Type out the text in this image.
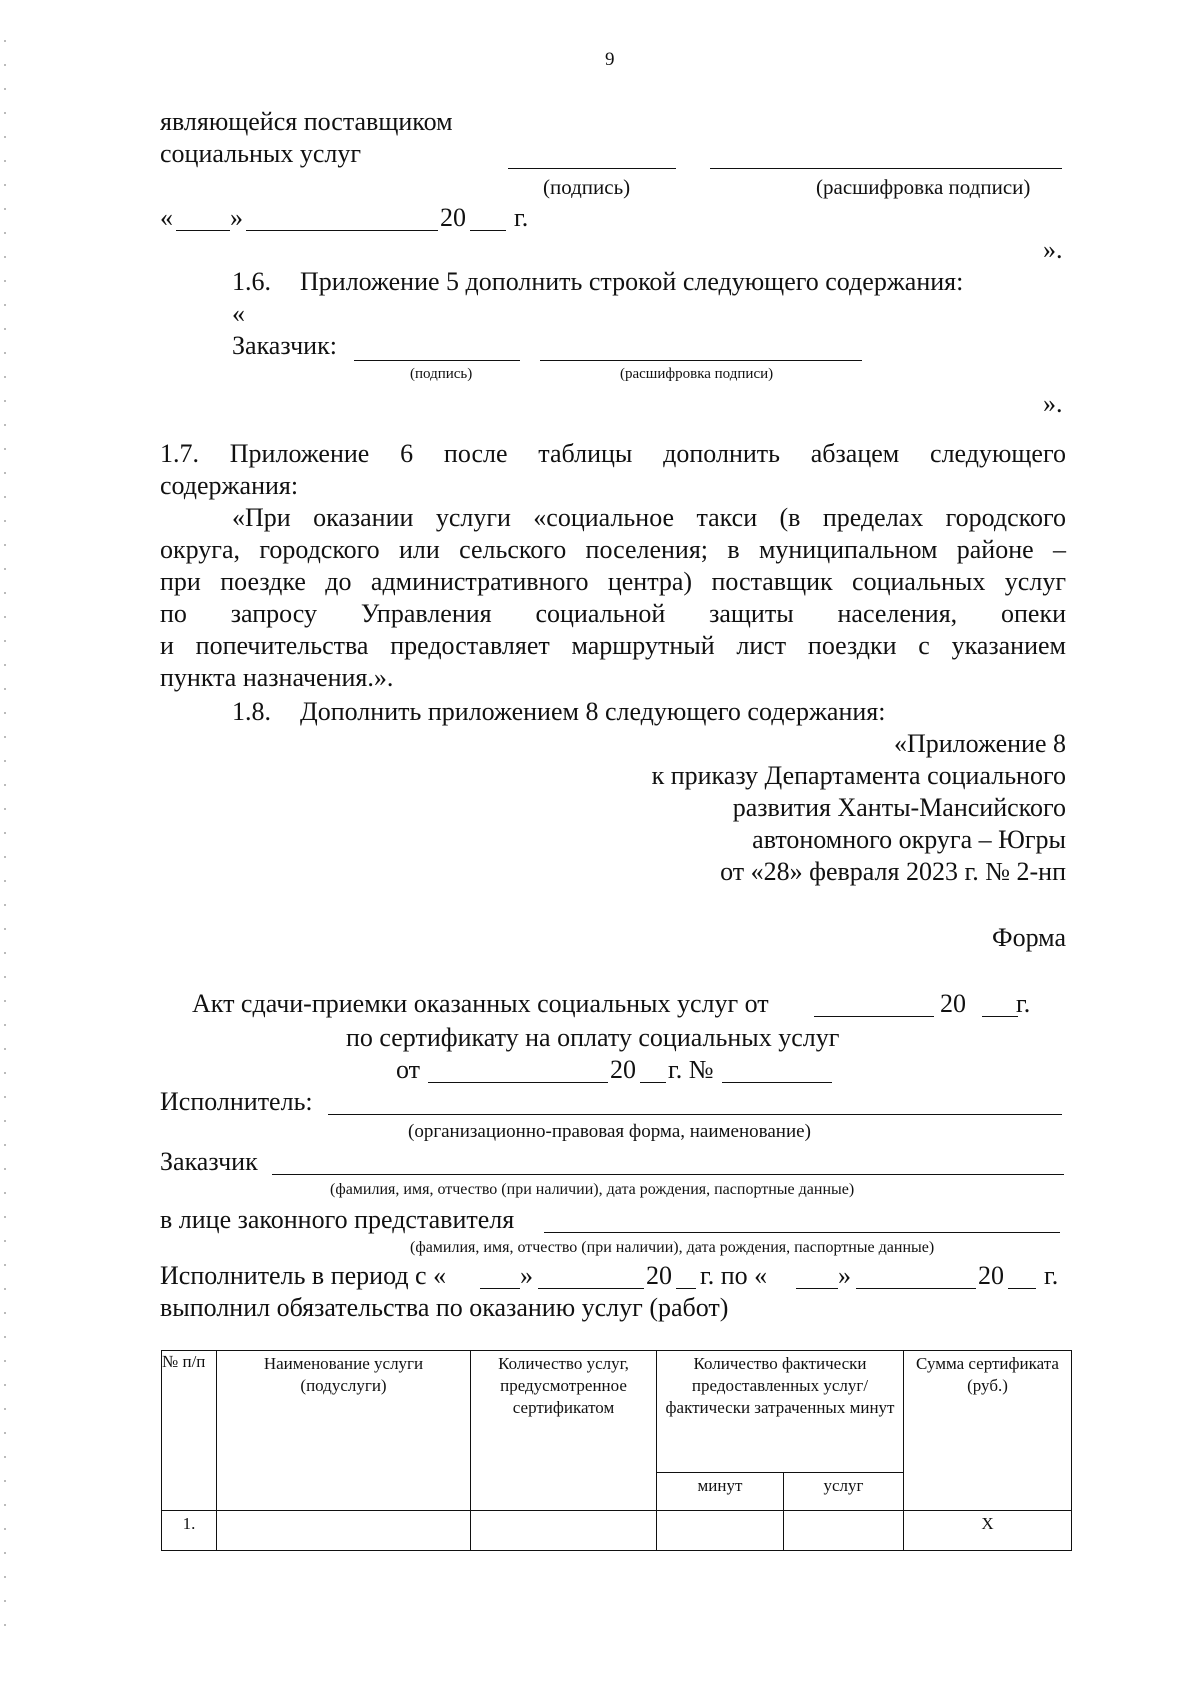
9
являющейся поставщиком
социальных услуг
(подпись)	(расшифровка подписи)
« »	20 г.
».
1.6. Приложение 5 дополнить строкой следующего содержания:
«
Заказчик:
(подпись)	(расшифровка подписи)
».
1.7. Приложение 6 после таблицы дополнить абзацем следующего
содержания:
«При оказании услуги «социальное такси (в пределах городского
округа, городского или сельского поселения; в муниципальном районе –
при поездке до административного центра) поставщик социальных услуг
по запросу Управления социальной защиты населения, опеки
и попечительства предоставляет маршрутный лист поездки с указанием
пункта назначения.».
1.8. Дополнить приложением 8 следующего содержания:
«Приложение 8
к приказу Департамента социального
развития Ханты-Мансийского
автономного округа – Югры
от «28» февраля 2023 г. № 2-нп
Форма
Акт сдачи-приемки оказанных социальных услуг от	20 г.
по сертификату на оплату социальных услуг
от	20 г. №
Исполнитель:
(организационно-правовая форма, наименование)
Заказчик
(фамилия, имя, отчество (при наличии), дата рождения, паспортные данные)
в лице законного представителя
(фамилия, имя, отчество (при наличии), дата рождения, паспортные данные)
Исполнитель в период с «	»	20 г. по «	»	20 г.
выполнил обязательства по оказанию услуг (работ)
№ п/п	Наименование услуги (подуслуги)	Количество услуг, предусмотренное сертификатом	Количество фактически предоставленных услуг/фактически затраченных минут		Сумма сертификата (руб.)
			минут	услуг	
1.					X
